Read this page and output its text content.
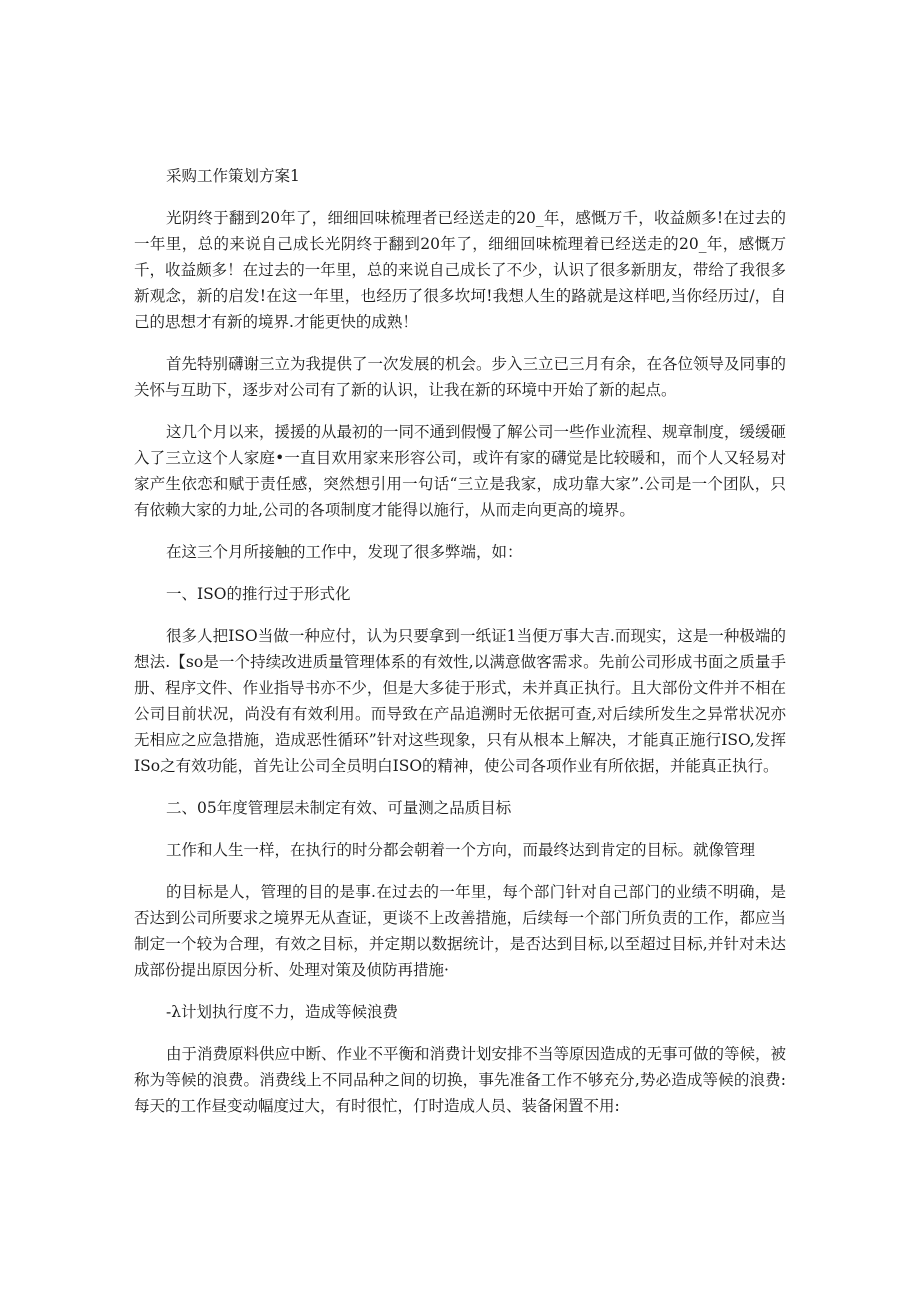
采购工作策划方案1

光阴终于翻到20年了，细细回味梳理者已经送走的20_年，感慨万千，收益颇多!在过去的一年里，总的来说自己成长光阴终于翻到20年了，细细回味梳理着已经送走的20_年，感慨万千，收益颇多！在过去的一年里，总的来说自己成长了不少，认识了很多新朋友，带给了我很多新观念，新的启发!在这一年里，也经历了很多坎坷!我想人生的路就是这样吧,当你经历过/，自己的思想才有新的境界.才能更快的成熟！

首先特别礴谢三立为我提供了一次发展的机会。步入三立已三月有余，在各位领导及同事的关怀与互助下，逐步对公司有了新的认识，让我在新的环境中开始了新的起点。

这几个月以来，援援的从最初的一同不通到假慢了解公司一些作业流程、规章制度，缓缓砸入了三立这个人家庭•一直目欢用家来形容公司，或许有家的礴觉是比较暖和，而个人又轻易对家产生依恋和赋于责任感，突然想引用一句话“三立是我家，成功靠大家”.公司是一个团队，只有依赖大家的力址,公司的各项制度才能得以施行，从而走向更高的境界。

在这三个月所接触的工作中，发现了很多弊端，如：

一、ISO的推行过于形式化

很多人把ISO当做一种应付，认为只要拿到一纸证1当便万事大吉.而现实，这是一种极端的想法.【so是一个持续改进质量管理体系的有效性,以满意做客需求。先前公司形成书面之质量手册、程序文件、作业指导书亦不少，但是大多徒于形式，未并真正执行。且大部份文件并不相在公司目前状况，尚没有有效利用。而导致在产品追溯时无依据可查,对后续所发生之异常状况亦无相应之应急措施，造成恶性循环”针对这些现象，只有从根本上解决，才能真正施行ISO,发挥ISo之有效功能，首先让公司全员明白ISO的精神，使公司各项作业有所依据，并能真正执行。

二、05年度管理层未制定有效、可量测之品质目标

工作和人生一样，在执行的时分都会朝着一个方向，而最终达到肯定的目标。就像管理

的目标是人，管理的目的是事.在过去的一年里，每个部门针对自己部门的业绩不明确，是否达到公司所要求之境界无从查证，更谈不上改善措施，后续每一个部门所负责的工作，都应当制定一个较为合理，有效之目标，并定期以数据统计，是否达到目标,以至超过目标,并针对未达成部份提出原因分析、处理对策及侦防再措施·

-λ计划执行度不力，造成等候浪费

由于消费原料供应中断、作业不平衡和消费计划安排不当等原因造成的无事可做的等候，被称为等候的浪费。消费线上不同品种之间的切换，事先准备工作不够充分,势必造成等候的浪费:每天的工作昼变动幅度过大，有时很忙，仃时造成人员、装备闲置不用:
